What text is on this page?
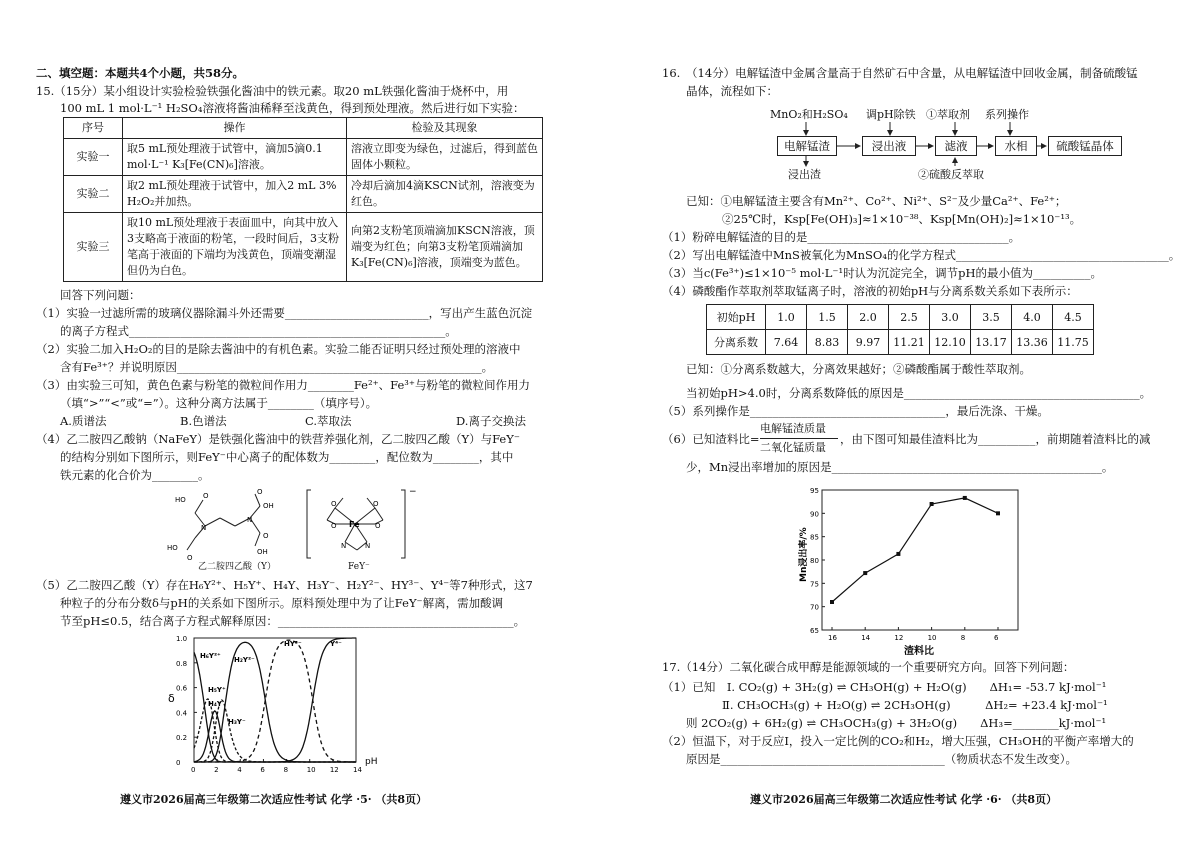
二、填空题：本题共4个小题，共58分。
15.（15分）某小组设计实验检验铁强化酱油中的铁元素。取20 mL铁强化酱油于烧杯中，用
100 mL 1 mol·L⁻¹ H₂SO₄溶液将酱油稀释至浅黄色，得到预处理液。然后进行如下实验：
序号	操作	检验及其现象
实验一	取5 mL预处理液于试管中，滴加5滴0.1 mol·L⁻¹ K₃[Fe(CN)₆]溶液。	溶液立即变为绿色，过滤后，得到蓝色固体小颗粒。
实验二	取2 mL预处理液于试管中，加入2 mL 3% H₂O₂并加热。	冷却后滴加4滴KSCN试剂，溶液变为红色。
实验三	取10 mL预处理液于表面皿中，向其中放入3支略高于液面的粉笔，一段时间后，3支粉笔高于液面的下端均为浅黄色，顶端变潮湿但仍为白色。	向第2支粉笔顶端滴加KSCN溶液，顶端变为红色；向第3支粉笔顶端滴加K₃[Fe(CN)₆]溶液，顶端变为蓝色。
回答下列问题：
（1）实验一过滤所需的玻璃仪器除漏斗外还需要_________________________，写出产生蓝色沉淀
的离子方程式_______________________________________________________。
（2）实验二加入H₂O₂的目的是除去酱油中的有机色素。实验二能否证明只经过预处理的溶液中
含有Fe³⁺？并说明原因_____________________________________________________。
（3）由实验三可知，黄色色素与粉笔的微粒间作用力________Fe²⁺、Fe³⁺与粉笔的微粒间作用力
（填“>”“<”或“=”）。这种分离方法属于________（填序号）。
A.质谱法	B.色谱法	C.萃取法	D.离子交换法
（4）乙二胺四乙酸钠（NaFeY）是铁强化酱油中的铁营养强化剂，乙二胺四乙酸（Y）与FeY⁻
的结构分别如下图所示，则FeY⁻中心离子的配体数为________，配位数为________，其中
铁元素的化合价为________。
N
N
HO O
HO
O
O
OH
O
OH
乙二胺四乙酸（Y）
Fe
O	O
O	O
N	N
−
FeY⁻
（5）乙二胺四乙酸（Y）存在H₆Y²⁺、H₅Y⁺、H₄Y、H₃Y⁻、H₂Y²⁻、HY³⁻、Y⁴⁻等7种形式，这7
种粒子的分布分数δ与pH的关系如下图所示。原料预处理中为了让FeY⁻解离，需加酸调
节至pH≤0.5，结合离子方程式解释原因：_________________________________________。
0
0.2
0.4
0.6
0.8
1.0
0	2	4	6	8	10 12 14
δ
pH
H₆Y²⁺
H₅Y⁺
H₄Y
H₃Y⁻
H₂Y²⁻
HY³⁻	Y⁴⁻
遵义市2026届高三年级第二次适应性考试 化学 ·5· （共8页）
16.　（14分）电解锰渣中金属含量高于自然矿石中含量，从电解锰渣中回收金属，制备硫酸锰
晶体，流程如下：
MnO₂和H₂SO₄ 调pH除铁 ①萃取剂 系列操作
电解锰渣	浸出液	滤液	水相	硫酸锰晶体
浸出渣	②硫酸反萃取
已知：①电解锰渣主要含有Mn²⁺、Co²⁺、Ni²⁺、S²⁻及少量Ca²⁺、Fe²⁺；
②25℃时，Ksp[Fe(OH)₃]≈1×10⁻³⁸、Ksp[Mn(OH)₂]≈1×10⁻¹³。
（1）粉碎电解锰渣的目的是___________________________________。
（2）写出电解锰渣中MnS被氧化为MnSO₄的化学方程式_____________________________________。
（3）当c(Fe³⁺)≤1×10⁻⁵ mol·L⁻¹时认为沉淀完全，调节pH的最小值为__________。
（4）磷酸酯作萃取剂萃取锰离子时，溶液的初始pH与分离系数关系如下表所示：
初始pH	1.0	1.5	2.0	2.5	3.0	3.5	4.0	4.5
分离系数	7.64	8.83	9.97	11.21	12.10	13.17	13.36	11.75
已知：①分离系数越大，分离效果越好；②磷酸酯属于酸性萃取剂。
当初始pH>4.0时，分离系数降低的原因是_________________________________________。
（5）系列操作是__________________________________，最后洗涤、干燥。
（6）已知渣料比=
电解锰渣质量
二氧化锰质量
，由下图可知最佳渣料比为__________，前期随着渣料比的减
少，Mn浸出率增加的原因是_______________________________________________。
65
70
75
80
85
90
95
16	14	12	10	8	6
Mn浸出率/%
渣料比
17.（14分）二氧化碳合成甲醇是能源领域的一个重要研究方向。回答下列问题：
（1）已知　Ⅰ. CO₂(g) + 3H₂(g) ⇌ CH₃OH(g) + H₂O(g)　　ΔH₁= -53.7 kJ·mol⁻¹
Ⅱ. CH₃OCH₃(g) + H₂O(g) ⇌ 2CH₃OH(g)　　　ΔH₂= +23.4 kJ·mol⁻¹
则 2CO₂(g) + 6H₂(g) ⇌ CH₃OCH₃(g) + 3H₂O(g)　　ΔH₃=________kJ·mol⁻¹
（2）恒温下，对于反应Ⅰ，投入一定比例的CO₂和H₂，增大压强，CH₃OH的平衡产率增大的
原因是_______________________________________（物质状态不发生改变）。
遵义市2026届高三年级第二次适应性考试 化学 ·6· （共8页）
